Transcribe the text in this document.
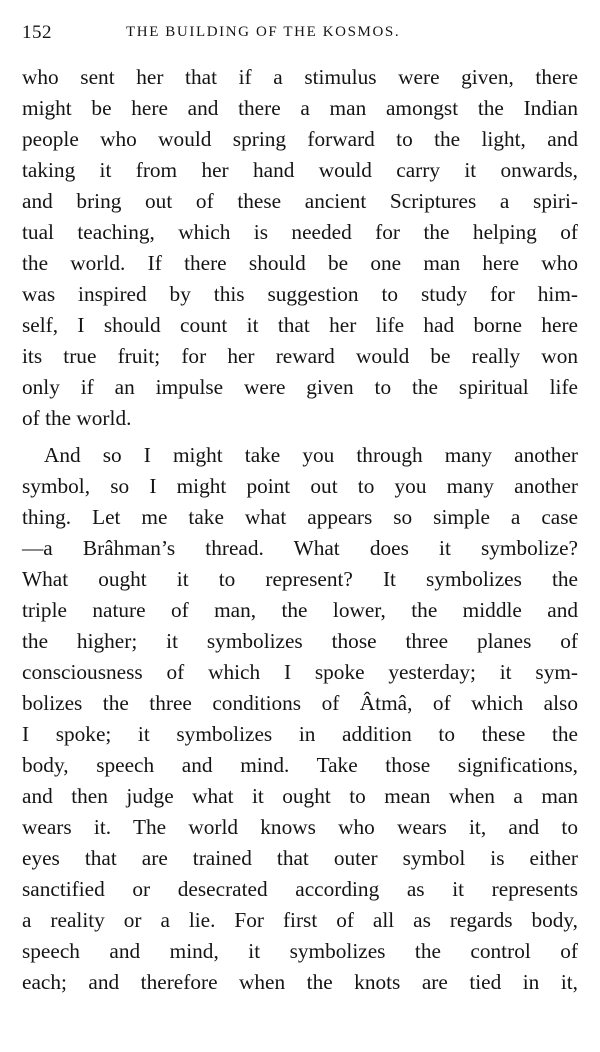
152	THE BUILDING OF THE KOSMOS.
who sent her that if a stimulus were given, there
might be here and there a man amongst the Indian
people who would spring forward to the light, and
taking it from her hand would carry it onwards,
and bring out of these ancient Scriptures a spiri-
tual teaching, which is needed for the helping of
the world. If there should be one man here who
was inspired by this suggestion to study for him-
self, I should count it that her life had borne here
its true fruit; for her reward would be really won
only if an impulse were given to the spiritual life
of the world.
And so I might take you through many another
symbol, so I might point out to you many another
thing. Let me take what appears so simple a case
—a Brâhman’s thread. What does it symbolize?
What ought it to represent? It symbolizes the
triple nature of man, the lower, the middle and
the higher; it symbolizes those three planes of
consciousness of which I spoke yesterday; it sym-
bolizes the three conditions of Âtmâ, of which also
I spoke; it symbolizes in addition to these the
body, speech and mind. Take those significations,
and then judge what it ought to mean when a man
wears it. The world knows who wears it, and to
eyes that are trained that outer symbol is either
sanctified or desecrated according as it represents
a reality or a lie. For first of all as regards body,
speech and mind, it symbolizes the control of
each; and therefore when the knots are tied in it,
